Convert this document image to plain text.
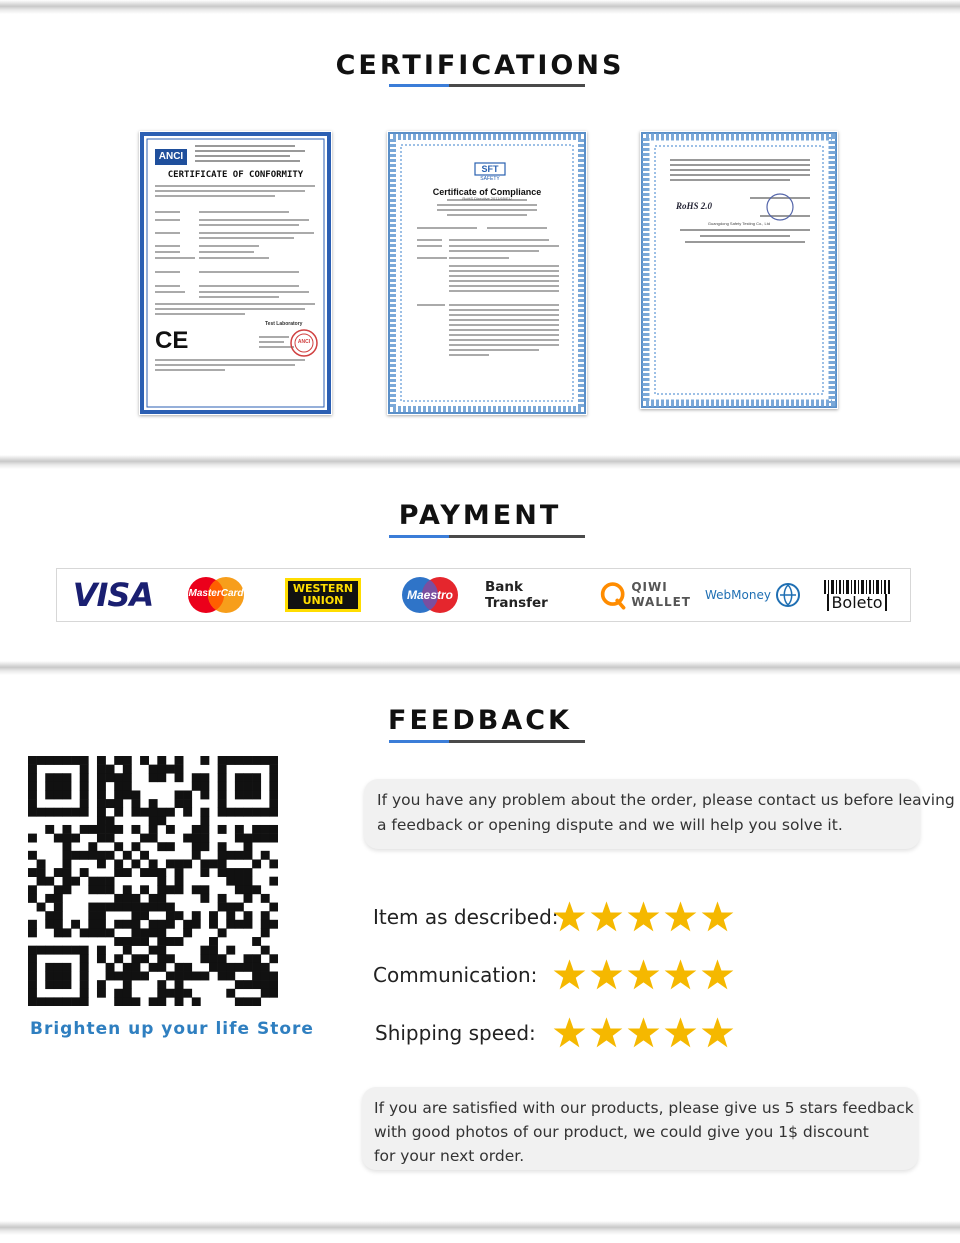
CERTIFICATIONS
ANCI
CERTIFICATE OF CONFORMITY
CE
Test Laboratory
ANCI
SFT
SAFETY
Certificate of Compliance
RoHS Directive 2011/65/EU
RoHS 2.0
Guangdong Safety Testing Co., Ltd
PAYMENT
VISA	MasterCard	WESTERN
UNION	Maestro	Bank Transfer
QIWI
WALLET WebMoney	Boleto
FEEDBACK
Brighten up your life Store
If you have any problem about the order, please contact us before leaving
a feedback or opening dispute and we will help you solve it.
Item as described:
Communication:
Shipping speed:
If you are satisfied with our products, please give us 5 stars feedback
with good photos of our product, we could give you 1$ discount
for your next order.
